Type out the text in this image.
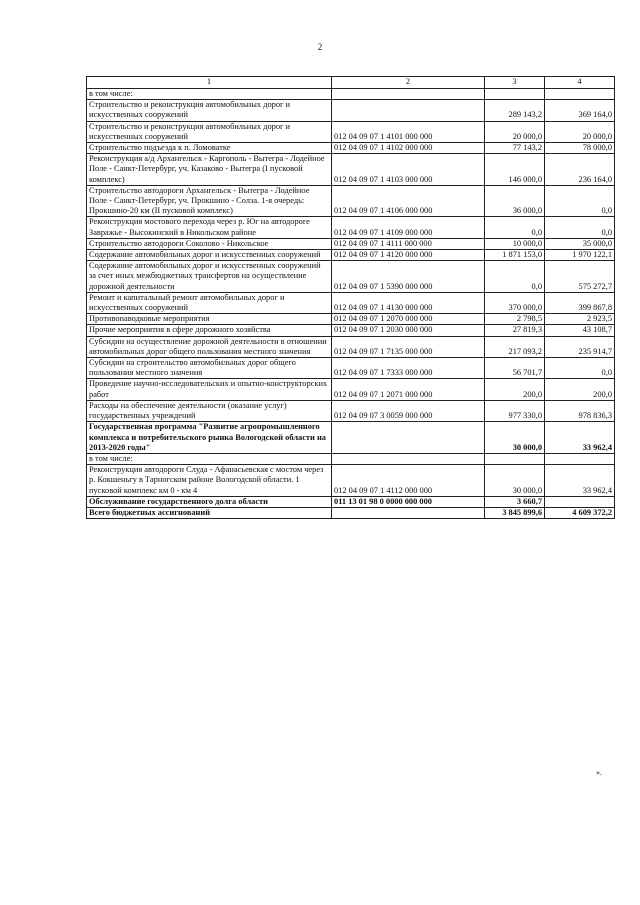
2
1	2	3	4
в том числе:			
Строительство и реконструкция автомобильных дорог и искусственных сооружений		289 143,2	369 164,0
Строительство и реконструкция автомобильных дорог и искусственных сооружений	012 04 09 07 1 4101 000 000	20 000,0	20 000,0
Строительство подъезда к п. Ломоватке	012 04 09 07 1 4102 000 000	77 143,2	78 000,0
Реконструкция а/д Архангельск - Каргополь - Вытегра - Лодейное Поле - Санкт-Петербург, уч. Казаково - Вытегра (I пусковой комплекс)	012 04 09 07 1 4103 000 000	146 000,0	236 164,0
Строительство автодороги Архангельск - Вытегра - Лодейное Поле - Санкт-Петербург, уч. Прокшино - Солза. 1-я очередь: Прокшино-20 км (II пусковой комплекс)	012 04 09 07 1 4106 000 000	36 000,0	0,0
Реконструкция мостового перехода через р. Юг на автодороге Завражье - Высокинский в Никольском районе	012 04 09 07 1 4109 000 000	0,0	0,0
Строительство автодороги Соколово - Никольское	012 04 09 07 1 4111 000 000	10 000,0	35 000,0
Содержание автомобильных дорог и искусственных сооружений	012 04 09 07 1 4120 000 000	1 871 153,0	1 970 122,1
Содержание автомобильных дорог и искусственных сооружений за счет иных межбюджетных трансфертов на осуществление дорожной деятельности	012 04 09 07 1 5390 000 000	0,0	575 272,7
Ремонт и капитальный ремонт автомобильных дорог и искусственных сооружений	012 04 09 07 1 4130 000 000	370 000,0	399 867,8
Противопаводковые мероприятия	012 04 09 07 1 2070 000 000	2 798,5	2 923,5
Прочие мероприятия в сфере дорожного хозяйства	012 04 09 07 1 2030 000 000	27 819,3	43 108,7
Субсидии на осуществление дорожной деятельности в отношении автомобильных дорог общего пользования местного значения	012 04 09 07 1 7135 000 000	217 093,2	235 914,7
Субсидии на строительство автомобильных дорог общего пользования местного значения	012 04 09 07 1 7333 000 000	56 701,7	0,0
Проведение научно-исследовательских и опытно-конструкторских работ	012 04 09 07 1 2071 000 000	200,0	200,0
Расходы на обеспечение деятельности (оказание услуг) государственных учреждений	012 04 09 07 3 0059 000 000	977 330,0	978 836,3
Государственная программа "Развитие агропромышленного комплекса и потребительского рынка Вологодской области на 2013-2020 годы"		30 000,0	33 962,4
в том числе:			
Реконструкция автодороги Слуда - Афанасьевская с мостом через р. Кокшеньгу в Тарногском районе Вологодской области. 1 пусковой комплекс км 0 - км 4	012 04 09 07 1 4112 000 000	30 000,0	33 962,4
Обслуживание государственного долга области	011 13 01 98 0 0000 000 000	3 660,7	
Всего бюджетных ассигнований		3 845 899,6	4 609 372,2
».
